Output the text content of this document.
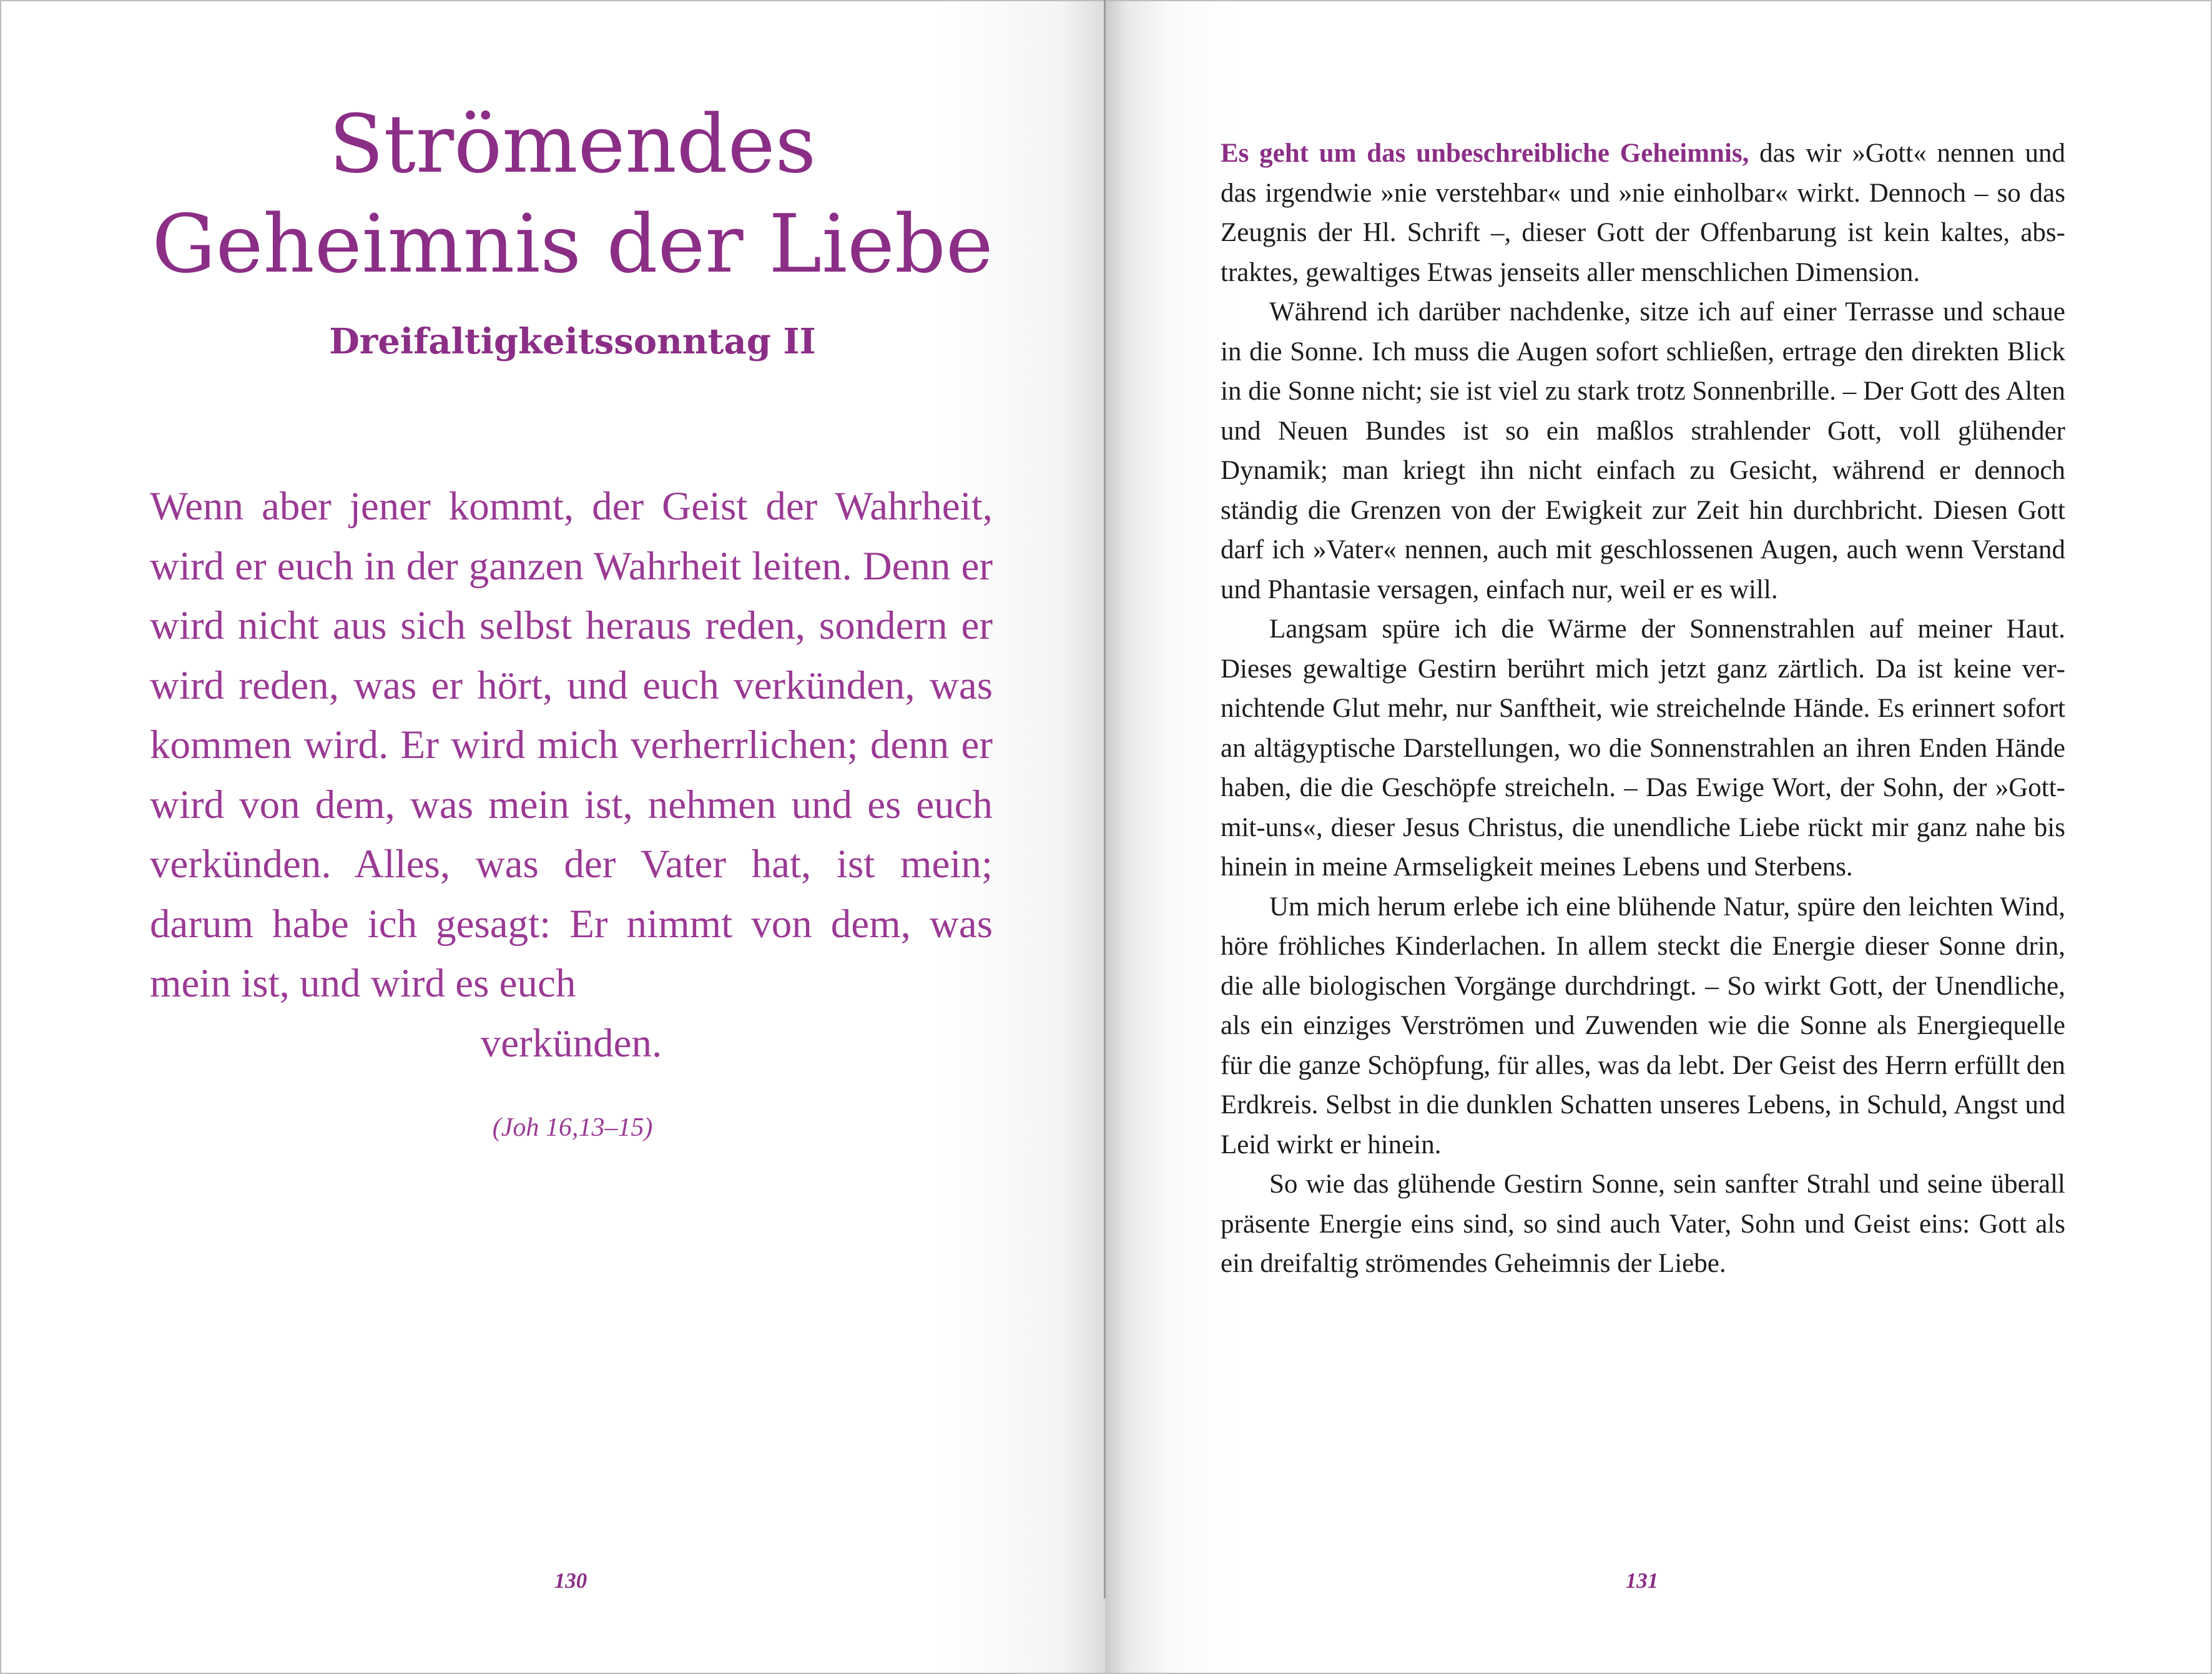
Strömendes
Geheimnis der Liebe
Dreifaltigkeitssonntag II
Wenn aber jener kommt, der Geist der Wahrheit, wird er euch in der ganzen Wahrheit leiten. Denn er wird nicht aus sich selbst heraus reden, sondern er wird reden, was er hört, und euch verkünden, was kommen wird. Er wird mich verherrlichen; denn er wird von dem, was mein ist, nehmen und es euch verkünden. Alles, was der Vater hat, ist mein; darum habe ich gesagt: Er nimmt von dem, was mein ist, und wird es euch
verkünden.

(Joh 16,13–15)

130	131

Es geht um das unbeschreibliche Geheimnis, das wir »Gott« nennen und das irgendwie »nie verstehbar« und »nie einholbar« wirkt. Dennoch – so das Zeugnis der Hl. Schrift –, dieser Gott der Offenbarung ist kein kaltes, abstraktes, gewaltiges Etwas jenseits aller menschlichen Dimension.

Während ich darüber nachdenke, sitze ich auf einer Terrasse und schaue in die Sonne. Ich muss die Augen sofort schließen, ertrage den direkten Blick in die Sonne nicht; sie ist viel zu stark trotz Sonnenbrille. – Der Gott des Alten und Neuen Bundes ist so ein maßlos strahlender Gott, voll glühender Dynamik; man kriegt ihn nicht einfach zu Gesicht, während er dennoch ständig die Grenzen von der Ewigkeit zur Zeit hin durchbricht. Diesen Gott darf ich »Vater« nennen, auch mit geschlossenen Augen, auch wenn Verstand und Phantasie versagen, einfach nur, weil er es will.

Langsam spüre ich die Wärme der Sonnenstrahlen auf meiner Haut. Dieses gewaltige Gestirn berührt mich jetzt ganz zärtlich. Da ist keine vernichtende Glut mehr, nur Sanftheit, wie streichelnde Hände. Es erinnert sofort an altägyptische Darstellungen, wo die Sonnenstrahlen an ihren Enden Hände haben, die die Geschöpfe streicheln. – Das Ewige Wort, der Sohn, der »Gott-mit-uns«, dieser Jesus Christus, die unendliche Liebe rückt mir ganz nahe bis hinein in meine Armseligkeit meines Lebens und Sterbens.

Um mich herum erlebe ich eine blühende Natur, spüre den leichten Wind, höre fröhliches Kinderlachen. In allem steckt die Energie dieser Sonne drin, die alle biologischen Vorgänge durchdringt. – So wirkt Gott, der Unendliche, als ein einziges Verströmen und Zuwenden wie die Sonne als Energiequelle für die ganze Schöpfung, für alles, was da lebt. Der Geist des Herrn erfüllt den Erdkreis. Selbst in die dunklen Schatten unseres Lebens, in Schuld, Angst und Leid wirkt er hinein.

So wie das glühende Gestirn Sonne, sein sanfter Strahl und seine überall präsente Energie eins sind, so sind auch Vater, Sohn und Geist eins: Gott als ein dreifaltig strömendes Geheimnis der Liebe.
